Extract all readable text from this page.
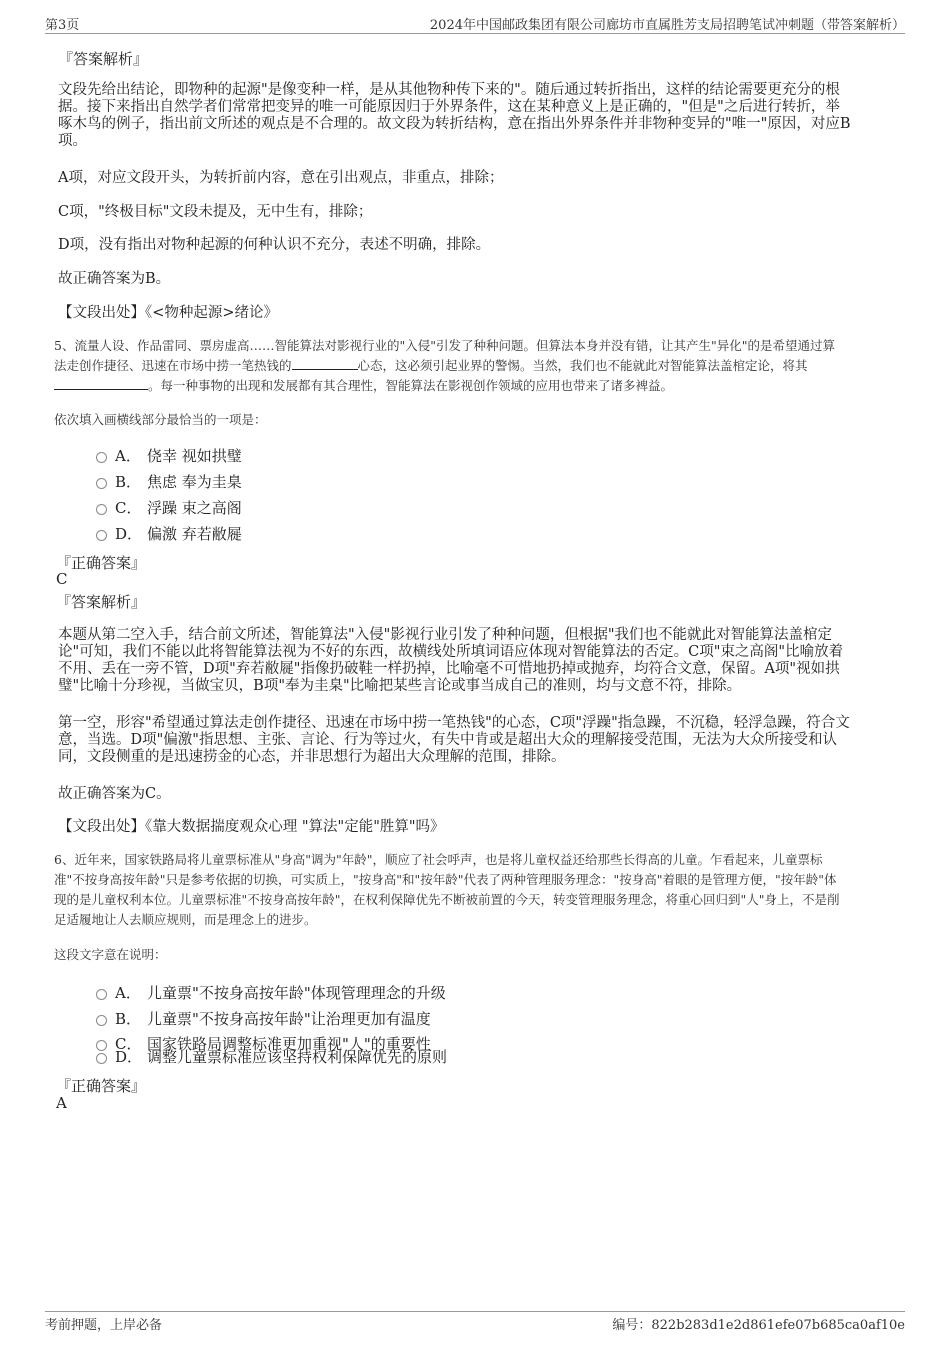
第3页	2024年中国邮政集团有限公司廊坊市直属胜芳支局招聘笔试冲刺题（带答案解析）
『答案解析』
文段先给出结论，即物种的起源"是像变种一样，是从其他物种传下来的"。随后通过转折指出，这样的结论需要更充分的根
据。接下来指出自然学者们常常把变异的唯一可能原因归于外界条件，这在某种意义上是正确的，"但是"之后进行转折，举
啄木鸟的例子，指出前文所述的观点是不合理的。故文段为转折结构，意在指出外界条件并非物种变异的"唯一"原因，对应B
项。
A项，对应文段开头，为转折前内容，意在引出观点，非重点，排除；
C项，"终极目标"文段未提及，无中生有，排除；
D项，没有指出对物种起源的何种认识不充分，表述不明确，排除。
故正确答案为B。
【文段出处】《<物种起源>绪论》
5、流量人设、作品雷同、票房虚高……智能算法对影视行业的"入侵"引发了种种问题。但算法本身并没有错，让其产生"异化"的是希望通过算
法走创作捷径、迅速在市场中捞一笔热钱的	心态，这必须引起业界的警惕。当然，我们也不能就此对智能算法盖棺定论，将其
。每一种事物的出现和发展都有其合理性，智能算法在影视创作领域的应用也带来了诸多裨益。
依次填入画横线部分最恰当的一项是：
A． 侥幸 视如拱璧
B． 焦虑 奉为圭臬
C． 浮躁 束之高阁
D． 偏激 弃若敝屣
『正确答案』
C
『答案解析』
本题从第二空入手，结合前文所述，智能算法"入侵"影视行业引发了种种问题，但根据"我们也不能就此对智能算法盖棺定
论"可知，我们不能以此将智能算法视为不好的东西，故横线处所填词语应体现对智能算法的否定。C项"束之高阁"比喻放着
不用、丢在一旁不管，D项"弃若敝屣"指像扔破鞋一样扔掉，比喻毫不可惜地扔掉或抛弃，均符合文意，保留。A项"视如拱
璧"比喻十分珍视，当做宝贝，B项"奉为圭臬"比喻把某些言论或事当成自己的准则，均与文意不符，排除。
第一空，形容"希望通过算法走创作捷径、迅速在市场中捞一笔热钱"的心态，C项"浮躁"指急躁，不沉稳，轻浮急躁，符合文
意，当选。D项"偏激"指思想、主张、言论、行为等过火，有失中肯或是超出大众的理解接受范围，无法为大众所接受和认
同，文段侧重的是迅速捞金的心态，并非思想行为超出大众理解的范围，排除。
故正确答案为C。
【文段出处】《靠大数据揣度观众心理 "算法"定能"胜算"吗》
6、近年来，国家铁路局将儿童票标准从"身高"调为"年龄"，顺应了社会呼声，也是将儿童权益还给那些长得高的儿童。乍看起来，儿童票标
准"不按身高按年龄"只是参考依据的切换，可实质上，"按身高"和"按年龄"代表了两种管理服务理念："按身高"着眼的是管理方便，"按年龄"体
现的是儿童权利本位。儿童票标准"不按身高按年龄"，在权利保障优先不断被前置的今天，转变管理服务理念，将重心回归到"人"身上，不是削
足适履地让人去顺应规则，而是理念上的进步。
这段文字意在说明：
A． 儿童票"不按身高按年龄"体现管理理念的升级
B． 儿童票"不按身高按年龄"让治理更加有温度
C． 国家铁路局调整标准更加重视"人"的重要性
D． 调整儿童票标准应该坚持权利保障优先的原则
『正确答案』
A
考前押题，上岸必备	编号：822b283d1e2d861efe07b685ca0af10e
